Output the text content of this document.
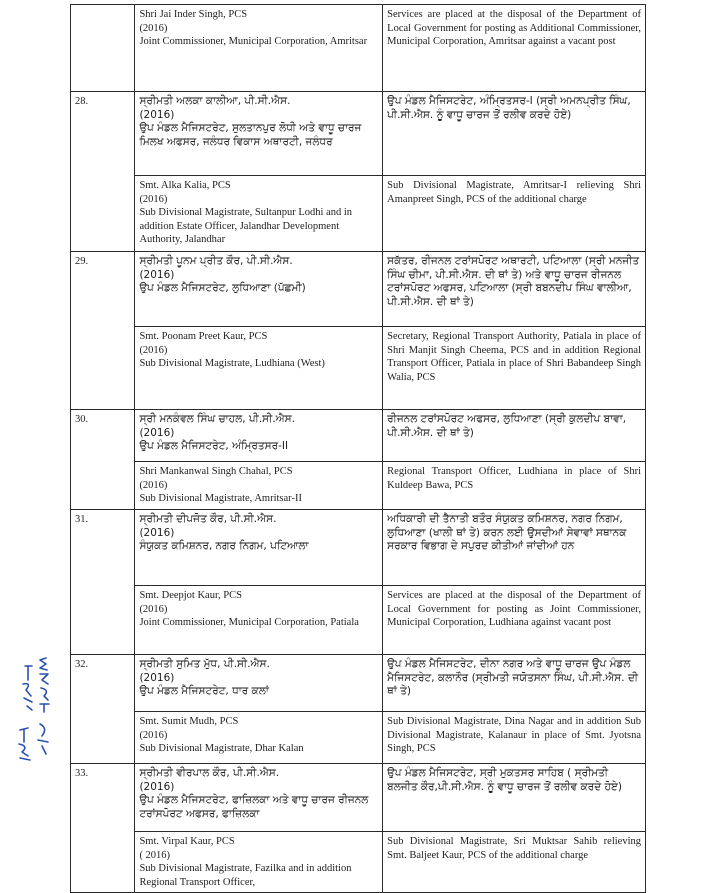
	Shri Jai Inder Singh, PCS
(2016)
Joint Commissioner, Municipal Corporation, Amritsar	Services are placed at the disposal of the Department of Local Government for posting as Additional Commissioner, Municipal Corporation, Amritsar against a vacant post
28.	ਸ੍ਰੀਮਤੀ ਅਲਕਾ ਕਾਲੀਆ, ਪੀ.ਸੀ.ਐਸ.
(2016)
ਉਪ ਮੰਡਲ ਮੈਜਿਸਟਰੇਟ, ਸੁਲਤਾਨਪੁਰ ਲੋਧੀ ਅਤੇ ਵਾਧੂ ਚਾਰਜ ਮਿਲਖ ਅਫਸਰ, ਜਲੰਧਰ ਵਿਕਾਸ ਅਥਾਰਟੀ, ਜਲੰਧਰ	ਉਪ ਮੰਡਲ ਮੈਜਿਸਟਰੇਟ, ਅੰਮ੍ਰਿਤਸਰ-I (ਸ੍ਰੀ ਅਮਨਪ੍ਰੀਤ ਸਿੰਘ, ਪੀ.ਸੀ.ਐਸ. ਨੂੰ ਵਾਧੂ ਚਾਰਜ ਤੋਂ ਰਲੀਵ ਕਰਦੇ ਹੋਏ)

	Smt. Alka Kalia, PCS
(2016)
Sub Divisional Magistrate, Sultanpur Lodhi and in addition Estate Officer, Jalandhar Development Authority, Jalandhar	Sub Divisional Magistrate, Amritsar-I relieving Shri Amanpreet Singh, PCS of the additional charge
29.	ਸ੍ਰੀਮਤੀ ਪੂਨਮ ਪ੍ਰੀਤ ਕੌਰ, ਪੀ.ਸੀ.ਐਸ.
(2016)
ਉਪ ਮੰਡਲ ਮੈਜਿਸਟਰੇਟ, ਲੁਧਿਆਣਾ (ਪੱਛਮੀ)	ਸਕੱਤਰ, ਰੀਜਨਲ ਟਰਾਂਸਪੋਰਟ ਅਥਾਰਟੀ, ਪਟਿਆਲਾ (ਸ੍ਰੀ ਮਨਜੀਤ ਸਿੰਘ ਚੀਮਾ, ਪੀ.ਸੀ.ਐਸ. ਦੀ ਥਾਂ ਤੇ) ਅਤੇ ਵਾਧੂ ਚਾਰਜ ਰੀਜਨਲ ਟਰਾਂਸਪੋਰਟ ਅਫਸਰ, ਪਟਿਆਲਾ (ਸ੍ਰੀ ਬਬਨਦੀਪ ਸਿੰਘ ਵਾਲੀਆ, ਪੀ.ਸੀ.ਐਸ. ਦੀ ਥਾਂ ਤੇ)

	Smt. Poonam Preet Kaur, PCS
(2016)
Sub Divisional Magistrate, Ludhiana (West)	Secretary, Regional Transport Authority, Patiala in place of Shri Manjit Singh Cheema, PCS and in addition Regional Transport Officer, Patiala in place of Shri Babandeep Singh Walia, PCS
30.	ਸ੍ਰੀ ਮਨਕੰਵਲ ਸਿੰਘ ਚਾਹਲ, ਪੀ.ਸੀ.ਐਸ.
(2016)
ਉਪ ਮੰਡਲ ਮੈਜਿਸਟਰੇਟ, ਅੰਮ੍ਰਿਤਸਰ-II	ਰੀਜਨਲ ਟਰਾਂਸਪੋਰਟ ਅਫਸਰ, ਲੁਧਿਆਣਾ (ਸ੍ਰੀ ਕੁਲਦੀਪ ਬਾਵਾ, ਪੀ.ਸੀ.ਐਸ. ਦੀ ਥਾਂ ਤੇ)

	Shri Mankanwal Singh Chahal, PCS
(2016)
Sub Divisional Magistrate, Amritsar-II	Regional Transport Officer, Ludhiana in place of Shri Kuldeep Bawa, PCS
31.	ਸ੍ਰੀਮਤੀ ਦੀਪਜੋਤ ਕੌਰ, ਪੀ.ਸੀ.ਐਸ.
(2016)
ਸੰਯੁਕਤ ਕਮਿਸ਼ਨਰ, ਨਗਰ ਨਿਗਮ, ਪਟਿਆਲਾ	ਅਧਿਕਾਰੀ ਦੀ ਤੈਨਾਤੀ ਬਤੌਰ ਸੰਯੁਕਤ ਕਮਿਸ਼ਨਰ, ਨਗਰ ਨਿਗਮ, ਲੁਧਿਆਣਾ (ਖਾਲੀ ਥਾਂ ਤੇ) ਕਰਨ ਲਈ ਉਸਦੀਆਂ ਸੇਵਾਵਾਂ ਸਥਾਨਕ ਸਰਕਾਰ ਵਿਭਾਗ ਦੇ ਸਪੁਰਦ ਕੀਤੀਆਂ ਜਾਂਦੀਆਂ ਹਨ

	Smt. Deepjot Kaur, PCS
(2016)
Joint Commissioner, Municipal Corporation, Patiala	Services are placed at the disposal of the Department of Local Government for posting as Joint Commissioner, Municipal Corporation, Ludhiana against vacant post
32.	ਸ੍ਰੀਮਤੀ ਸੁਮਿਤ ਮੁੱਧ, ਪੀ.ਸੀ.ਐਸ.
(2016)
ਉਪ ਮੰਡਲ ਮੈਜਿਸਟਰੇਟ, ਧਾਰ ਕਲਾਂ	ਉਪ ਮੰਡਲ ਮੈਜਿਸਟਰੇਟ, ਦੀਨਾ ਨਗਰ ਅਤੇ ਵਾਧੂ ਚਾਰਜ ਉਪ ਮੰਡਲ ਮੈਜਿਸਟਰੇਟ, ਕਲਾਨੌਰ (ਸ੍ਰੀਮਤੀ ਜਯੋਤਸਨਾ ਸਿੰਘ, ਪੀ.ਸੀ.ਐਸ. ਦੀ ਥਾਂ ਤੇ)

	Smt. Sumit Mudh, PCS
(2016)
Sub Divisional Magistrate, Dhar Kalan	Sub Divisional Magistrate, Dina Nagar and in addition Sub Divisional Magistrate, Kalanaur in place of Smt. Jyotsna Singh, PCS
33.	ਸ੍ਰੀਮਤੀ ਵੀਰਪਾਲ ਕੌਰ, ਪੀ.ਸੀ.ਐਸ.
(2016)
ਉਪ ਮੰਡਲ ਮੈਜਿਸਟਰੇਟ, ਫਾਜ਼ਿਲਕਾ ਅਤੇ ਵਾਧੂ ਚਾਰਜ ਰੀਜਨਲ ਟਰਾਂਸਪੋਰਟ ਅਫਸਰ, ਫਾਜ਼ਿਲਕਾ	ਉਪ ਮੰਡਲ ਮੈਜਿਸਟਰੇਟ, ਸ੍ਰੀ ਮੁਕਤਸਰ ਸਾਹਿਬ ( ਸ੍ਰੀਮਤੀ ਬਲਜੀਤ ਕੌਰ,ਪੀ.ਸੀ.ਐਸ. ਨੂੰ ਵਾਧੂ ਚਾਰਜ ਤੋਂ ਰਲੀਵ ਕਰਦੇ ਹੋਏ)

	Smt. Virpal Kaur, PCS
( 2016)
Sub Divisional Magistrate, Fazilka and in addition Regional Transport Officer,	Sub Divisional Magistrate, Sri Muktsar Sahib relieving Smt. Baljeet Kaur, PCS of the additional charge
